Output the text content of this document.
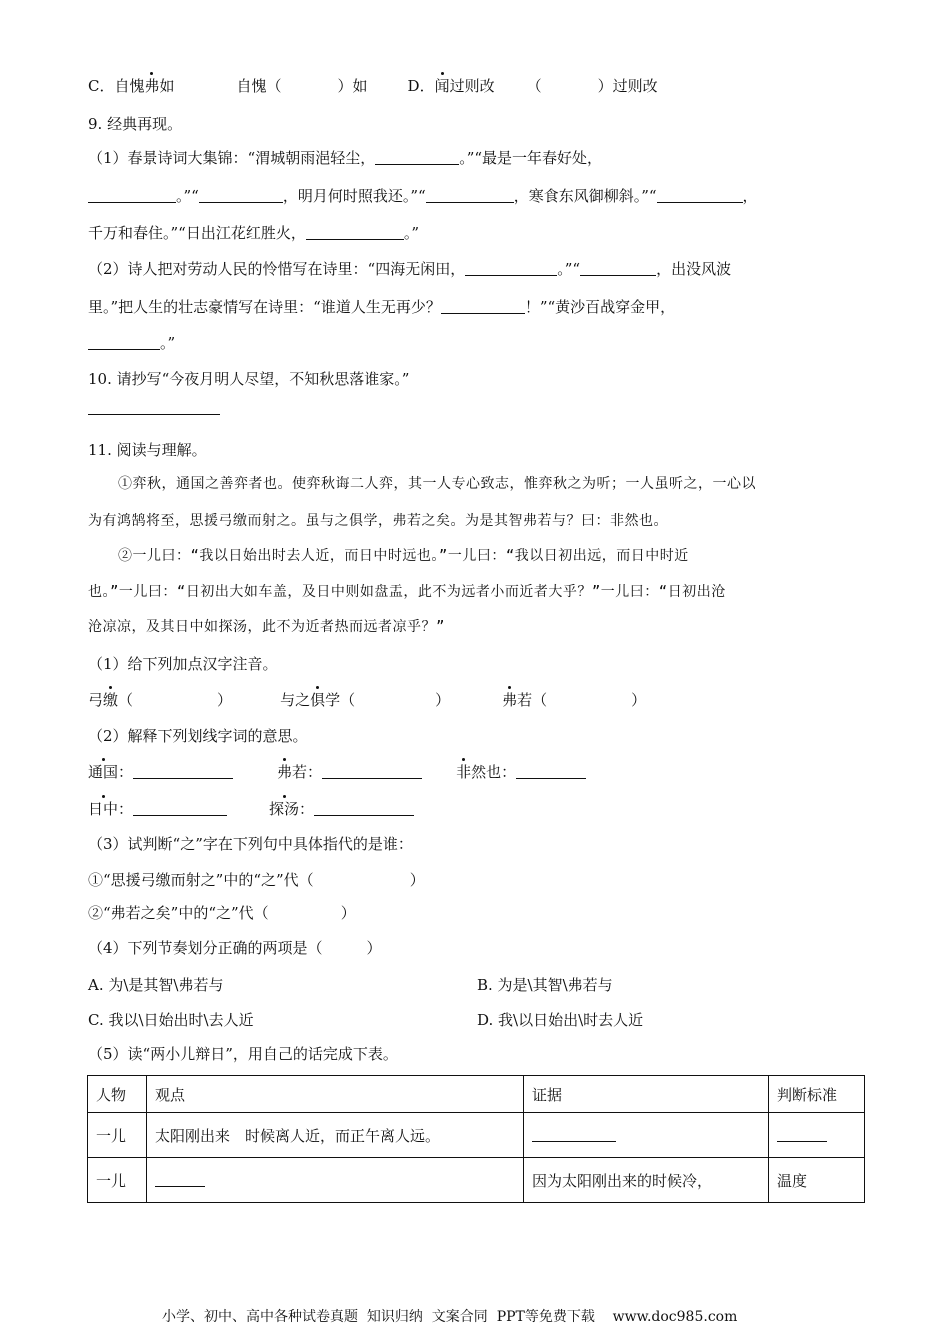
C．自愧弗如	自愧（	）如	D．闻过则改 （	）过则改
9. 经典再现。
（1）春景诗词大集锦：“渭城朝雨浥轻尘，	。”“最是一年春好处，
。”“	，明月何时照我还。”“	，寒食东风御柳斜。”“	，
千万和春住。”“日出江花红胜火，	。”
（2）诗人把对劳动人民的怜惜写在诗里：“四海无闲田，	。”“	，出没风波
里。”把人生的壮志豪情写在诗里：“谁道人生无再少？	！”“黄沙百战穿金甲，
。”
10. 请抄写“今夜月明人尽望，不知秋思落谁家。”
11. 阅读与理解。
①弈秋，通国之善弈者也。使弈秋诲二人弈，其一人专心致志，惟弈秋之为听；一人虽听之，一心以
为有鸿鹄将至，思援弓缴而射之。虽与之俱学，弗若之矣。为是其智弗若与？曰：非然也。
②一儿曰：“我以日始出时去人近，而日中时远也。”一儿曰：“我以日初出远，而日中时近
也。”一儿曰：“日初出大如车盖，及日中则如盘盂，此不为远者小而近者大乎？”一儿曰：“日初出沧
沧凉凉，及其日中如探汤，此不为近者热而远者凉乎？”
（1）给下列加点汉字注音。
弓缴（	）	与之俱学（	）	弗若（	）
（2）解释下列划线字词的意思。
通国：	弗若：	非然也：
日中：	探汤：
（3）试判断“之”字在下列句中具体指代的是谁：
①“思援弓缴而射之”中的“之”代（	）
②“弗若之矣”中的“之”代（	）
（4）下列节奏划分正确的两项是（	）
A. 为\是其智\弗若与	B. 为是\其智\弗若与
C. 我以\日始出时\去人近	D. 我\以日始出\时去人近
（5）读“两小儿辩日”，用自己的话完成下表。
人物	观点	证据	判断标准
一儿	太阳刚出来　时候离人近，而正午离人远。		
一儿		因为太阳刚出来的时候冷，	温度
小学、初中、高中各种试卷真题  知识归纳  文案合同  PPT等免费下载    www.doc985.com
